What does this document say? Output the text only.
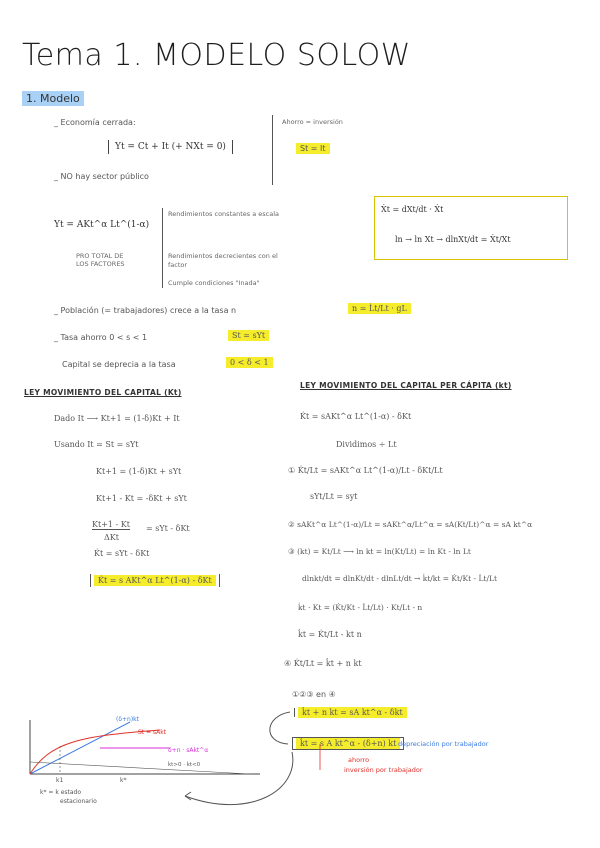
Tema 1. MODELO SOLOW
1. Modelo
_ Economía cerrada:
Yt = Ct + It (+ NXt = 0)
_ NO hay sector público
Ahorro = inversión
St = It
Yt = AKt^α Lt^(1-α)
PRO TOTAL DE LOS FACTORES
Rendimientos constantes a escala
Rendimientos decrecientes con el factor
Cumple condiciones "Inada"
Ẋt = dXt/dt · Ẋt
ln → ln Xt → dlnXt/dt = Ẋt/Xt
_ Población (= trabajadores) crece a la tasa n	n = L̇t/Lt · gL
_ Tasa ahorro 0 < s < 1	St = sYt
Capital se deprecia a la tasa	0 < δ < 1
LEY MOVIMIENTO DEL CAPITAL (Kt)
Dado It ⟶ Kt+1 = (1-δ)Kt + It
Usando It = St = sYt
Kt+1 = (1-δ)Kt + sYt
Kt+1 - Kt = -δKt + sYt
Kt+1 - Kt
ΔKt
= sYt - δKt
K̇t = sYt - δKt
K̇t = s AKt^α Lt^(1-α) - δKt
LEY MOVIMIENTO DEL CAPITAL PER CÁPITA (kt)
K̇t = sAKt^α Lt^(1-α) - δKt
Dividimos ÷ Lt
① K̇t/Lt = sAKt^α Lt^(1-α)/Lt - δKt/Lt
sYt/Lt = syt
② sAKt^α Lt^(1-α)/Lt = sAKt^α/Lt^α = sA(Kt/Lt)^α = sA kt^α
③ (kt) = Kt/Lt ⟶ ln kt = ln(Kt/Lt) = ln Kt - ln Lt
dlnkt/dt = dlnKt/dt - dlnLt/dt → k̇t/kt = K̇t/Kt - L̇t/Lt
k̇t · Kt = (K̇t/Kt - L̇t/Lt) · Kt/Lt - n
k̇t = K̇t/Lt - kt n
④ K̇t/Lt = k̇t + n kt
①②③ en ④
k̇t + n kt = sA kt^α - δkt
k̇t = s A kt^α - (δ+n) kt depreciación por trabajador
ahorro
inversión por trabajador
(δ+n)kt
St = sAkt
δ+n · sAkt^α
k̇t>0 · k̇t<0
k1	k*
k* = k estado
estacionario
